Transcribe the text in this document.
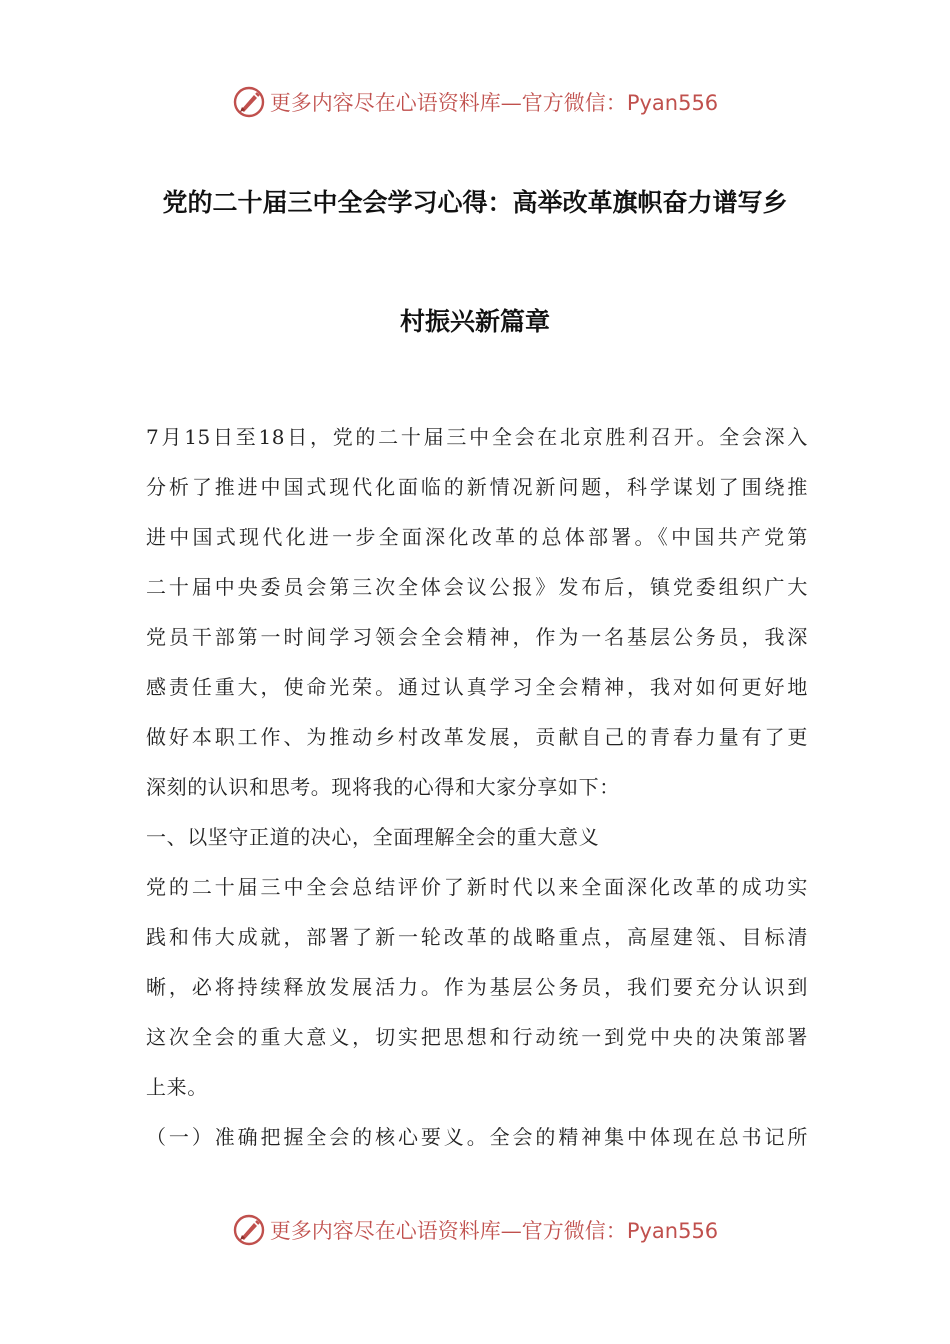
更多内容尽在心语资料库—官方微信：Pyan556
党的二十届三中全会学习心得：高举改革旗帜奋力谱写乡
村振兴新篇章
7月15日至18日，党的二十届三中全会在北京胜利召开。全会深入
分析了推进中国式现代化面临的新情况新问题，科学谋划了围绕推
进中国式现代化进一步全面深化改革的总体部署。《中国共产党第
二十届中央委员会第三次全体会议公报》发布后，镇党委组织广大
党员干部第一时间学习领会全会精神，作为一名基层公务员，我深
感责任重大，使命光荣。通过认真学习全会精神，我对如何更好地
做好本职工作、为推动乡村改革发展，贡献自己的青春力量有了更
深刻的认识和思考。现将我的心得和大家分享如下：
一、以坚守正道的决心，全面理解全会的重大意义
党的二十届三中全会总结评价了新时代以来全面深化改革的成功实
践和伟大成就，部署了新一轮改革的战略重点，高屋建瓴、目标清
晰，必将持续释放发展活力。作为基层公务员，我们要充分认识到
这次全会的重大意义，切实把思想和行动统一到党中央的决策部署
上来。
（一）准确把握全会的核心要义。全会的精神集中体现在总书记所
更多内容尽在心语资料库—官方微信：Pyan556
